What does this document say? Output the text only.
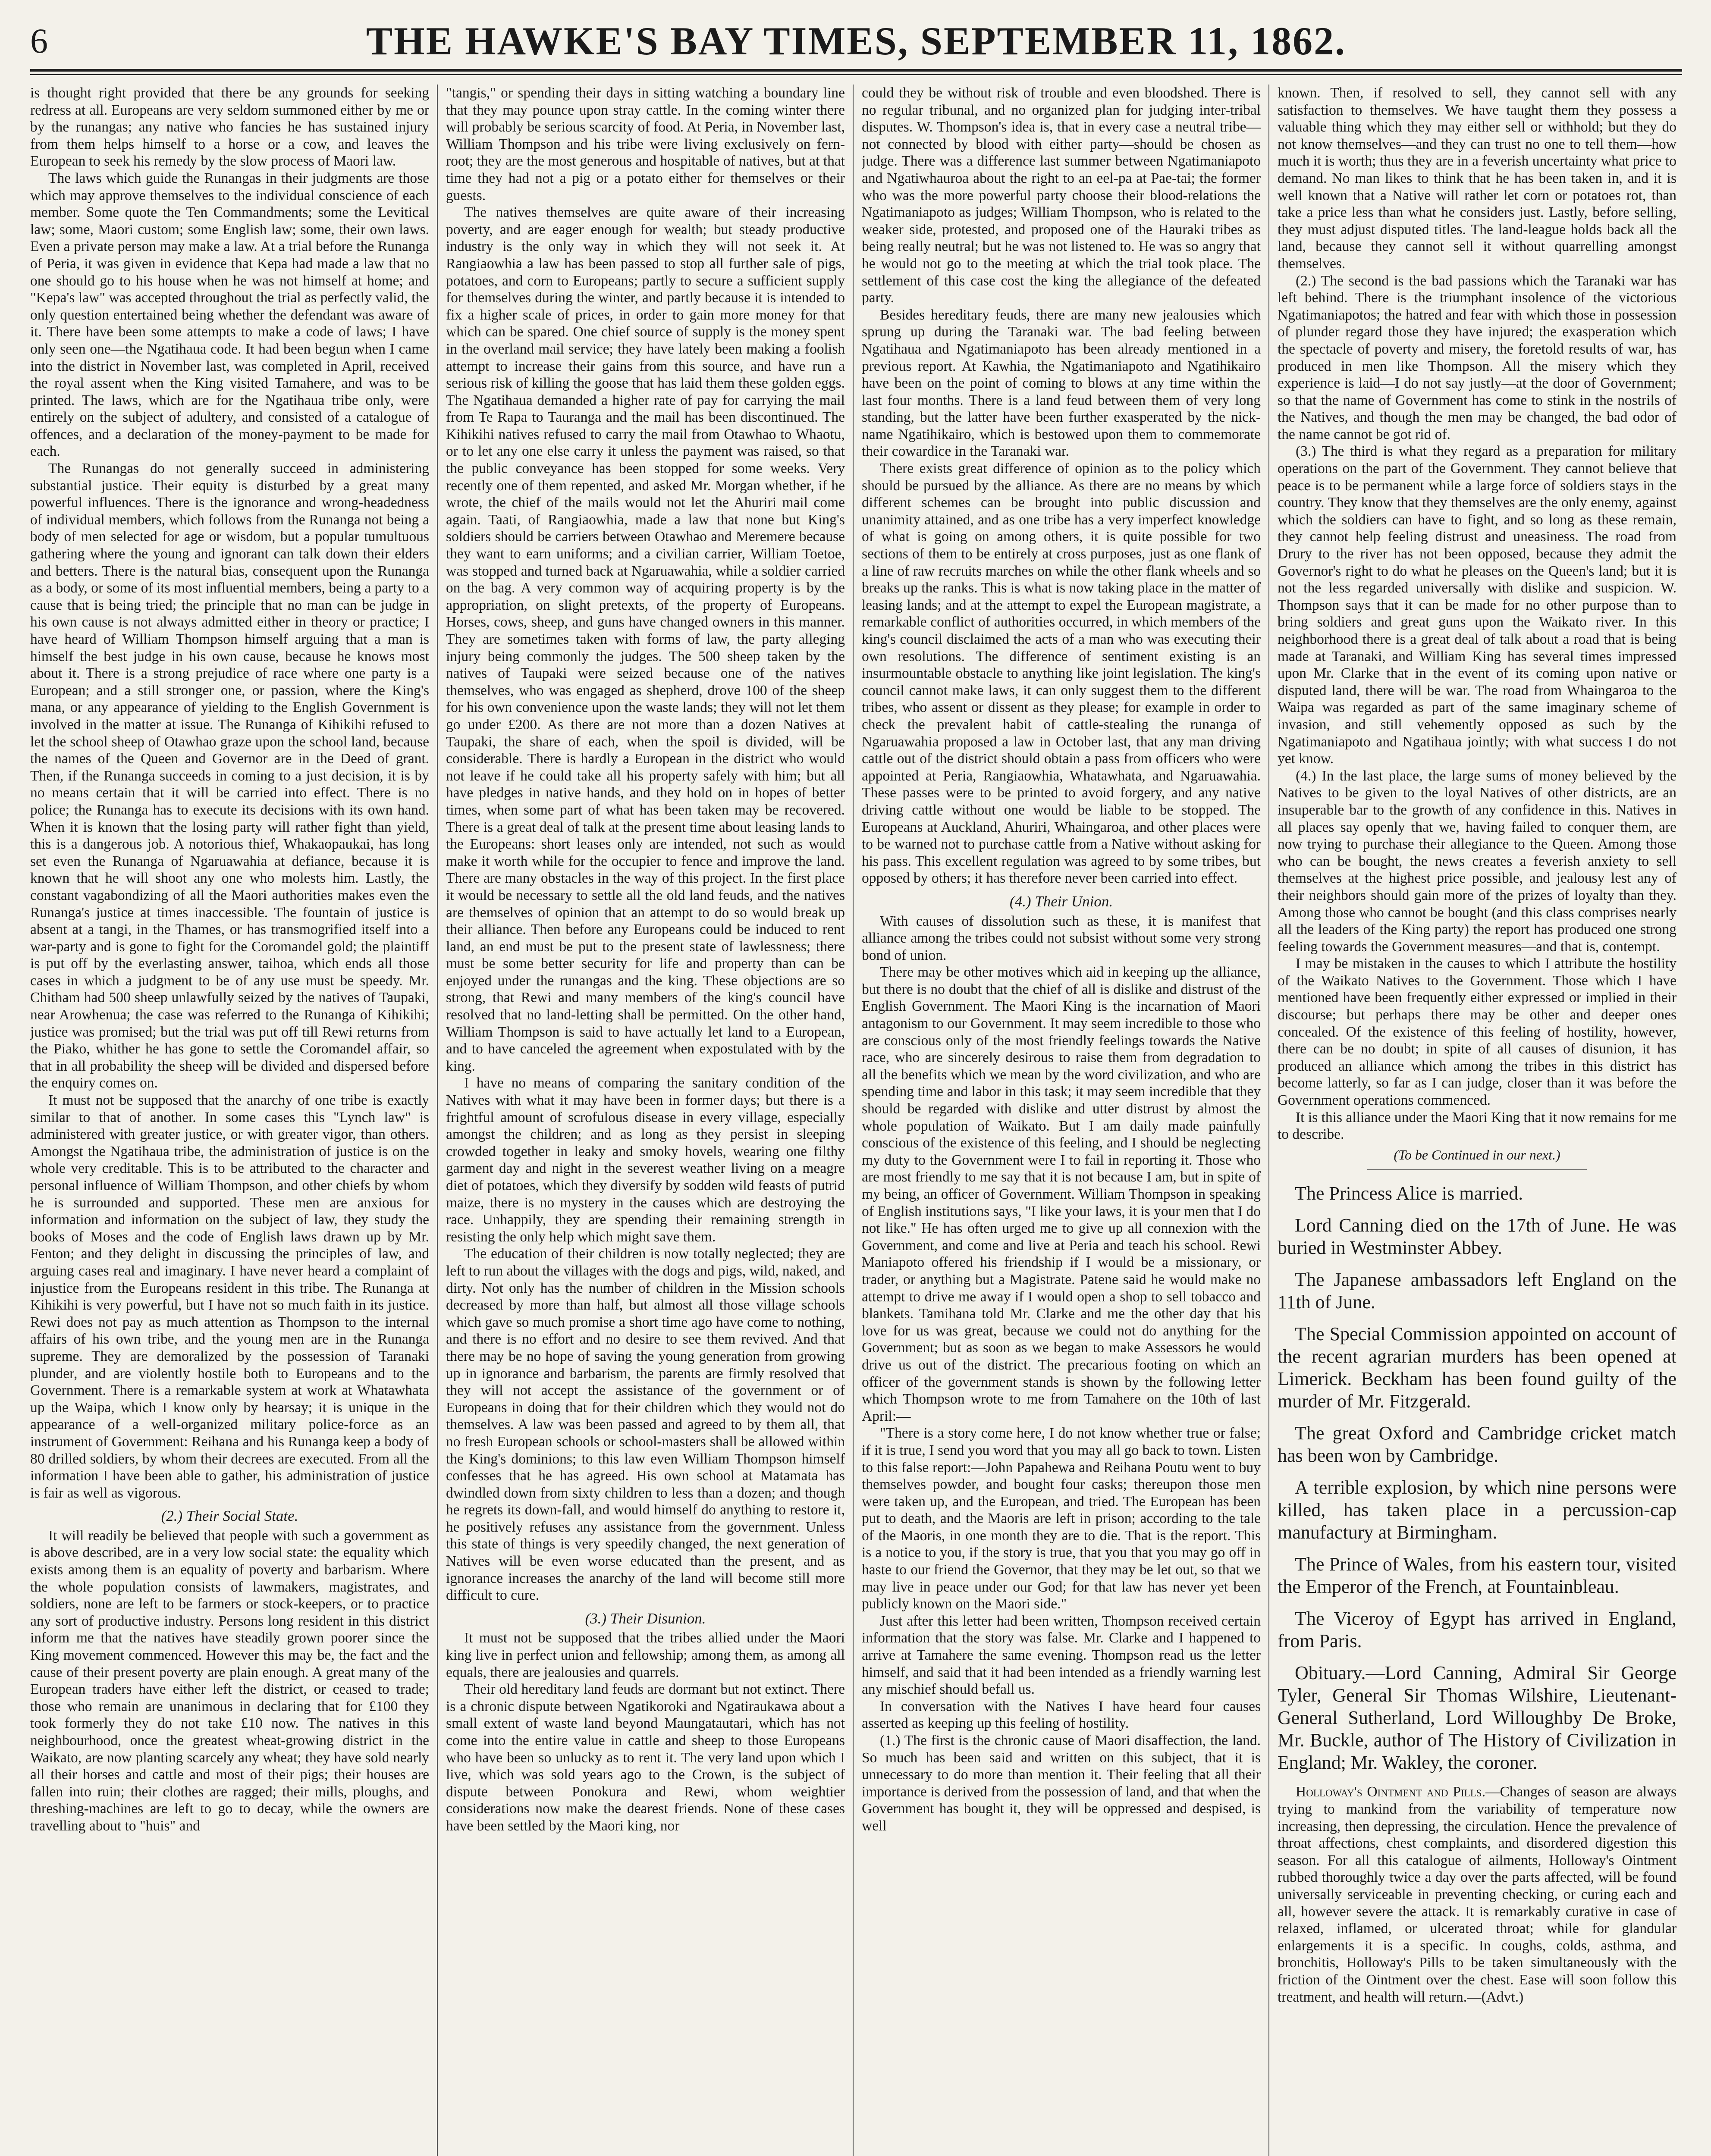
6	THE HAWKE'S BAY TIMES, SEPTEMBER 11, 1862.

is thought right provided that there be any grounds for seeking redress at all. Europeans are very seldom summoned either by me or by the runangas; any native who fancies he has sustained injury from them helps himself to a horse or a cow, and leaves the European to seek his remedy by the slow process of Maori law.

The laws which guide the Runangas in their judgments are those which may approve themselves to the individual conscience of each member. Some quote the Ten Commandments; some the Levitical law; some, Maori custom; some English law; some, their own laws. Even a private person may make a law. At a trial before the Runanga of Peria, it was given in evidence that Kepa had made a law that no one should go to his house when he was not himself at home; and "Kepa's law" was accepted throughout the trial as perfectly valid, the only question entertained being whether the defendant was aware of it. There have been some attempts to make a code of laws; I have only seen one—the Ngatihaua code. It had been begun when I came into the district in November last, was completed in April, received the royal assent when the King visited Tamahere, and was to be printed. The laws, which are for the Ngatihaua tribe only, were entirely on the subject of adultery, and consisted of a catalogue of offences, and a declaration of the money-payment to be made for each.

The Runangas do not generally succeed in administering substantial justice. Their equity is disturbed by a great many powerful influences. There is the ignorance and wrong-headedness of individual members, which follows from the Runanga not being a body of men selected for age or wisdom, but a popular tumultuous gathering where the young and ignorant can talk down their elders and betters. There is the natural bias, consequent upon the Runanga as a body, or some of its most influential members, being a party to a cause that is being tried; the principle that no man can be judge in his own cause is not always admitted either in theory or practice; I have heard of William Thompson himself arguing that a man is himself the best judge in his own cause, because he knows most about it. There is a strong prejudice of race where one party is a European; and a still stronger one, or passion, where the King's mana, or any appearance of yielding to the English Government is involved in the matter at issue. The Runanga of Kihikihi refused to let the school sheep of Otawhao graze upon the school land, because the names of the Queen and Governor are in the Deed of grant. Then, if the Runanga succeeds in coming to a just decision, it is by no means certain that it will be carried into effect. There is no police; the Runanga has to execute its decisions with its own hand. When it is known that the losing party will rather fight than yield, this is a dangerous job. A notorious thief, Whakaopaukai, has long set even the Runanga of Ngaruawahia at defiance, because it is known that he will shoot any one who molests him. Lastly, the constant vagabondizing of all the Maori authorities makes even the Runanga's justice at times inaccessible. The fountain of justice is absent at a tangi, in the Thames, or has transmogrified itself into a war-party and is gone to fight for the Coromandel gold; the plaintiff is put off by the everlasting answer, taihoa, which ends all those cases in which a judgment to be of any use must be speedy. Mr. Chitham had 500 sheep unlawfully seized by the natives of Taupaki, near Arowhenua; the case was referred to the Runanga of Kihikihi; justice was promised; but the trial was put off till Rewi returns from the Piako, whither he has gone to settle the Coromandel affair, so that in all probability the sheep will be divided and dispersed before the enquiry comes on.

It must not be supposed that the anarchy of one tribe is exactly similar to that of another. In some cases this "Lynch law" is administered with greater justice, or with greater vigor, than others. Amongst the Ngatihaua tribe, the administration of justice is on the whole very creditable. This is to be attributed to the character and personal influence of William Thompson, and other chiefs by whom he is surrounded and supported. These men are anxious for information and information on the subject of law, they study the books of Moses and the code of English laws drawn up by Mr. Fenton; and they delight in discussing the principles of law, and arguing cases real and imaginary. I have never heard a complaint of injustice from the Europeans resident in this tribe. The Runanga at Kihikihi is very powerful, but I have not so much faith in its justice. Rewi does not pay as much attention as Thompson to the internal affairs of his own tribe, and the young men are in the Runanga supreme. They are demoralized by the possession of Taranaki plunder, and are violently hostile both to Europeans and to the Government. There is a remarkable system at work at Whatawhata up the Waipa, which I know only by hearsay; it is unique in the appearance of a well-organized military police-force as an instrument of Government: Reihana and his Runanga keep a body of 80 drilled soldiers, by whom their decrees are executed. From all the information I have been able to gather, his administration of justice is fair as well as vigorous.

(2.) Their Social State.

It will readily be believed that people with such a government as is above described, are in a very low social state: the equality which exists among them is an equality of poverty and barbarism. Where the whole population consists of lawmakers, magistrates, and soldiers, none are left to be farmers or stock-keepers, or to practice any sort of productive industry. Persons long resident in this district inform me that the natives have steadily grown poorer since the King movement commenced. However this may be, the fact and the cause of their present poverty are plain enough. A great many of the European traders have either left the district, or ceased to trade; those who remain are unanimous in declaring that for £100 they took formerly they do not take £10 now. The natives in this neighbourhood, once the greatest wheat-growing district in the Waikato, are now planting scarcely any wheat; they have sold nearly all their horses and cattle and most of their pigs; their houses are fallen into ruin; their clothes are ragged; their mills, ploughs, and threshing-machines are left to go to decay, while the owners are travelling about to "huis" and

"tangis," or spending their days in sitting watching a boundary line that they may pounce upon stray cattle. In the coming winter there will probably be serious scarcity of food. At Peria, in November last, William Thompson and his tribe were living exclusively on fern-root; they are the most generous and hospitable of natives, but at that time they had not a pig or a potato either for themselves or their guests.

The natives themselves are quite aware of their increasing poverty, and are eager enough for wealth; but steady productive industry is the only way in which they will not seek it. At Rangiaowhia a law has been passed to stop all further sale of pigs, potatoes, and corn to Europeans; partly to secure a sufficient supply for themselves during the winter, and partly because it is intended to fix a higher scale of prices, in order to gain more money for that which can be spared. One chief source of supply is the money spent in the overland mail service; they have lately been making a foolish attempt to increase their gains from this source, and have run a serious risk of killing the goose that has laid them these golden eggs. The Ngatihaua demanded a higher rate of pay for carrying the mail from Te Rapa to Tauranga and the mail has been discontinued. The Kihikihi natives refused to carry the mail from Otawhao to Whaotu, or to let any one else carry it unless the payment was raised, so that the public conveyance has been stopped for some weeks. Very recently one of them repented, and asked Mr. Morgan whether, if he wrote, the chief of the mails would not let the Ahuriri mail come again. Taati, of Rangiaowhia, made a law that none but King's soldiers should be carriers between Otawhao and Meremere because they want to earn uniforms; and a civilian carrier, William Toetoe, was stopped and turned back at Ngaruawahia, while a soldier carried on the bag. A very common way of acquiring property is by the appropriation, on slight pretexts, of the property of Europeans. Horses, cows, sheep, and guns have changed owners in this manner. They are sometimes taken with forms of law, the party alleging injury being commonly the judges. The 500 sheep taken by the natives of Taupaki were seized because one of the natives themselves, who was engaged as shepherd, drove 100 of the sheep for his own convenience upon the waste lands; they will not let them go under £200. As there are not more than a dozen Natives at Taupaki, the share of each, when the spoil is divided, will be considerable. There is hardly a European in the district who would not leave if he could take all his property safely with him; but all have pledges in native hands, and they hold on in hopes of better times, when some part of what has been taken may be recovered. There is a great deal of talk at the present time about leasing lands to the Europeans: short leases only are intended, not such as would make it worth while for the occupier to fence and improve the land. There are many obstacles in the way of this project. In the first place it would be necessary to settle all the old land feuds, and the natives are themselves of opinion that an attempt to do so would break up their alliance. Then before any Europeans could be induced to rent land, an end must be put to the present state of lawlessness; there must be some better security for life and property than can be enjoyed under the runangas and the king. These objections are so strong, that Rewi and many members of the king's council have resolved that no land-letting shall be permitted. On the other hand, William Thompson is said to have actually let land to a European, and to have canceled the agreement when expostulated with by the king.

I have no means of comparing the sanitary condition of the Natives with what it may have been in former days; but there is a frightful amount of scrofulous disease in every village, especially amongst the children; and as long as they persist in sleeping crowded together in leaky and smoky hovels, wearing one filthy garment day and night in the severest weather living on a meagre diet of potatoes, which they diversify by sodden wild feasts of putrid maize, there is no mystery in the causes which are destroying the race. Unhappily, they are spending their remaining strength in resisting the only help which might save them.

The education of their children is now totally neglected; they are left to run about the villages with the dogs and pigs, wild, naked, and dirty. Not only has the number of children in the Mission schools decreased by more than half, but almost all those village schools which gave so much promise a short time ago have come to nothing, and there is no effort and no desire to see them revived. And that there may be no hope of saving the young generation from growing up in ignorance and barbarism, the parents are firmly resolved that they will not accept the assistance of the government or of Europeans in doing that for their children which they would not do themselves. A law was been passed and agreed to by them all, that no fresh European schools or school-masters shall be allowed within the King's dominions; to this law even William Thompson himself confesses that he has agreed. His own school at Matamata has dwindled down from sixty children to less than a dozen; and though he regrets its down-fall, and would himself do anything to restore it, he positively refuses any assistance from the government. Unless this state of things is very speedily changed, the next generation of Natives will be even worse educated than the present, and as ignorance increases the anarchy of the land will become still more difficult to cure.

(3.) Their Disunion.

It must not be supposed that the tribes allied under the Maori king live in perfect union and fellowship; among them, as among all equals, there are jealousies and quarrels.

Their old hereditary land feuds are dormant but not extinct. There is a chronic dispute between Ngatikoroki and Ngatiraukawa about a small extent of waste land beyond Maungatautari, which has not come into the entire value in cattle and sheep to those Europeans who have been so unlucky as to rent it. The very land upon which I live, which was sold years ago to the Crown, is the subject of dispute between Ponokura and Rewi, whom weightier considerations now make the dearest friends. None of these cases have been settled by the Maori king, nor

could they be without risk of trouble and even bloodshed. There is no regular tribunal, and no organized plan for judging inter-tribal disputes. W. Thompson's idea is, that in every case a neutral tribe—not connected by blood with either party—should be chosen as judge. There was a difference last summer between Ngatimaniapoto and Ngatiwhauroa about the right to an eel-pa at Pae-tai; the former who was the more powerful party choose their blood-relations the Ngatimaniapoto as judges; William Thompson, who is related to the weaker side, protested, and proposed one of the Hauraki tribes as being really neutral; but he was not listened to. He was so angry that he would not go to the meeting at which the trial took place. The settlement of this case cost the king the allegiance of the defeated party.

Besides hereditary feuds, there are many new jealousies which sprung up during the Taranaki war. The bad feeling between Ngatihaua and Ngatimaniapoto has been already mentioned in a previous report. At Kawhia, the Ngatimaniapoto and Ngatihikairo have been on the point of coming to blows at any time within the last four months. There is a land feud between them of very long standing, but the latter have been further exasperated by the nick-name Ngatihikairo, which is bestowed upon them to commemorate their cowardice in the Taranaki war.

There exists great difference of opinion as to the policy which should be pursued by the alliance. As there are no means by which different schemes can be brought into public discussion and unanimity attained, and as one tribe has a very imperfect knowledge of what is going on among others, it is quite possible for two sections of them to be entirely at cross purposes, just as one flank of a line of raw recruits marches on while the other flank wheels and so breaks up the ranks. This is what is now taking place in the matter of leasing lands; and at the attempt to expel the European magistrate, a remarkable conflict of authorities occurred, in which members of the king's council disclaimed the acts of a man who was executing their own resolutions. The difference of sentiment existing is an insurmountable obstacle to anything like joint legislation. The king's council cannot make laws, it can only suggest them to the different tribes, who assent or dissent as they please; for example in order to check the prevalent habit of cattle-stealing the runanga of Ngaruawahia proposed a law in October last, that any man driving cattle out of the district should obtain a pass from officers who were appointed at Peria, Rangiaowhia, Whatawhata, and Ngaruawahia. These passes were to be printed to avoid forgery, and any native driving cattle without one would be liable to be stopped. The Europeans at Auckland, Ahuriri, Whaingaroa, and other places were to be warned not to purchase cattle from a Native without asking for his pass. This excellent regulation was agreed to by some tribes, but opposed by others; it has therefore never been carried into effect.

(4.) Their Union.

With causes of dissolution such as these, it is manifest that alliance among the tribes could not subsist without some very strong bond of union.

There may be other motives which aid in keeping up the alliance, but there is no doubt that the chief of all is dislike and distrust of the English Government. The Maori King is the incarnation of Maori antagonism to our Government. It may seem incredible to those who are conscious only of the most friendly feelings towards the Native race, who are sincerely desirous to raise them from degradation to all the benefits which we mean by the word civilization, and who are spending time and labor in this task; it may seem incredible that they should be regarded with dislike and utter distrust by almost the whole population of Waikato. But I am daily made painfully conscious of the existence of this feeling, and I should be neglecting my duty to the Government were I to fail in reporting it. Those who are most friendly to me say that it is not because I am, but in spite of my being, an officer of Government. William Thompson in speaking of English institutions says, "I like your laws, it is your men that I do not like." He has often urged me to give up all connexion with the Government, and come and live at Peria and teach his school. Rewi Maniapoto offered his friendship if I would be a missionary, or trader, or anything but a Magistrate. Patene said he would make no attempt to drive me away if I would open a shop to sell tobacco and blankets. Tamihana told Mr. Clarke and me the other day that his love for us was great, because we could not do anything for the Government; but as soon as we began to make Assessors he would drive us out of the district. The precarious footing on which an officer of the government stands is shown by the following letter which Thompson wrote to me from Tamahere on the 10th of last April:—

"There is a story come here, I do not know whether true or false; if it is true, I send you word that you may all go back to town. Listen to this false report:—John Papahewa and Reihana Poutu went to buy themselves powder, and bought four casks; thereupon those men were taken up, and the European, and tried. The European has been put to death, and the Maoris are left in prison; according to the tale of the Maoris, in one month they are to die. That is the report. This is a notice to you, if the story is true, that you that you may go off in haste to our friend the Governor, that they may be let out, so that we may live in peace under our God; for that law has never yet been publicly known on the Maori side."

Just after this letter had been written, Thompson received certain information that the story was false. Mr. Clarke and I happened to arrive at Tamahere the same evening. Thompson read us the letter himself, and said that it had been intended as a friendly warning lest any mischief should befall us.

In conversation with the Natives I have heard four causes asserted as keeping up this feeling of hostility.

(1.) The first is the chronic cause of Maori disaffection, the land. So much has been said and written on this subject, that it is unnecessary to do more than mention it. Their feeling that all their importance is derived from the possession of land, and that when the Government has bought it, they will be oppressed and despised, is well

known. Then, if resolved to sell, they cannot sell with any satisfaction to themselves. We have taught them they possess a valuable thing which they may either sell or withhold; but they do not know themselves—and they can trust no one to tell them—how much it is worth; thus they are in a feverish uncertainty what price to demand. No man likes to think that he has been taken in, and it is well known that a Native will rather let corn or potatoes rot, than take a price less than what he considers just. Lastly, before selling, they must adjust disputed titles. The land-league holds back all the land, because they cannot sell it without quarrelling amongst themselves.

(2.) The second is the bad passions which the Taranaki war has left behind. There is the triumphant insolence of the victorious Ngatimaniapotos; the hatred and fear with which those in possession of plunder regard those they have injured; the exasperation which the spectacle of poverty and misery, the foretold results of war, has produced in men like Thompson. All the misery which they experience is laid—I do not say justly—at the door of Government; so that the name of Government has come to stink in the nostrils of the Natives, and though the men may be changed, the bad odor of the name cannot be got rid of.

(3.) The third is what they regard as a preparation for military operations on the part of the Government. They cannot believe that peace is to be permanent while a large force of soldiers stays in the country. They know that they themselves are the only enemy, against which the soldiers can have to fight, and so long as these remain, they cannot help feeling distrust and uneasiness. The road from Drury to the river has not been opposed, because they admit the Governor's right to do what he pleases on the Queen's land; but it is not the less regarded universally with dislike and suspicion. W. Thompson says that it can be made for no other purpose than to bring soldiers and great guns upon the Waikato river. In this neighborhood there is a great deal of talk about a road that is being made at Taranaki, and William King has several times impressed upon Mr. Clarke that in the event of its coming upon native or disputed land, there will be war. The road from Whaingaroa to the Waipa was regarded as part of the same imaginary scheme of invasion, and still vehemently opposed as such by the Ngatimaniapoto and Ngatihaua jointly; with what success I do not yet know.

(4.) In the last place, the large sums of money believed by the Natives to be given to the loyal Natives of other districts, are an insuperable bar to the growth of any confidence in this. Natives in all places say openly that we, having failed to conquer them, are now trying to purchase their allegiance to the Queen. Among those who can be bought, the news creates a feverish anxiety to sell themselves at the highest price possible, and jealousy lest any of their neighbors should gain more of the prizes of loyalty than they. Among those who cannot be bought (and this class comprises nearly all the leaders of the King party) the report has produced one strong feeling towards the Government measures—and that is, contempt.

I may be mistaken in the causes to which I attribute the hostility of the Waikato Natives to the Government. Those which I have mentioned have been frequently either expressed or implied in their discourse; but perhaps there may be other and deeper ones concealed. Of the existence of this feeling of hostility, however, there can be no doubt; in spite of all causes of disunion, it has produced an alliance which among the tribes in this district has become latterly, so far as I can judge, closer than it was before the Government operations commenced.

It is this alliance under the Maori King that it now remains for me to describe.

(To be Continued in our next.)

The Princess Alice is married.

Lord Canning died on the 17th of June. He was buried in Westminster Abbey.

The Japanese ambassadors left England on the 11th of June.

The Special Commission appointed on account of the recent agrarian murders has been opened at Limerick. Beckham has been found guilty of the murder of Mr. Fitzgerald.

The great Oxford and Cambridge cricket match has been won by Cambridge.

A terrible explosion, by which nine persons were killed, has taken place in a percussion-cap manufactury at Birmingham.

The Prince of Wales, from his eastern tour, visited the Emperor of the French, at Fountainbleau.

The Viceroy of Egypt has arrived in England, from Paris.

Obituary.—Lord Canning, Admiral Sir George Tyler, General Sir Thomas Wilshire, Lieutenant-General Sutherland, Lord Willoughby De Broke, Mr. Buckle, author of The History of Civilization in England; Mr. Wakley, the coroner.

Holloway's Ointment and Pills.—Changes of season are always trying to mankind from the variability of temperature now increasing, then depressing, the circulation. Hence the prevalence of throat affections, chest complaints, and disordered digestion this season. For all this catalogue of ailments, Holloway's Ointment rubbed thoroughly twice a day over the parts affected, will be found universally serviceable in preventing checking, or curing each and all, however severe the attack. It is remarkably curative in case of relaxed, inflamed, or ulcerated throat; while for glandular enlargements it is a specific. In coughs, colds, asthma, and bronchitis, Holloway's Pills to be taken simultaneously with the friction of the Ointment over the chest. Ease will soon follow this treatment, and health will return.—(Advt.)
